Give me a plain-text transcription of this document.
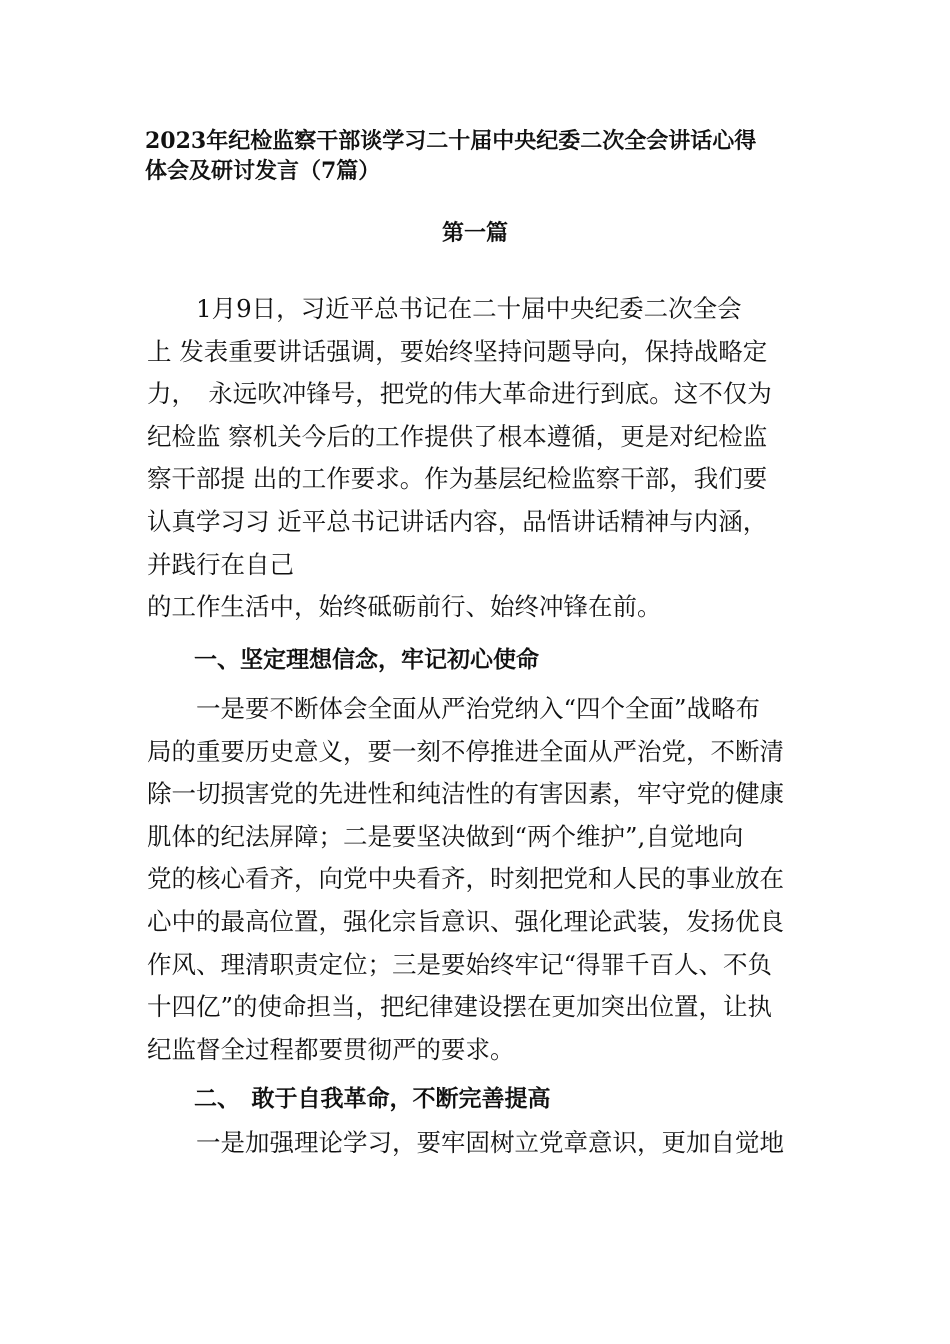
2023年纪检监察干部谈学习二十届中央纪委二次全会讲话心得
体会及研讨发言（7篇）
第一篇
1月9日，习近平总书记在二十届中央纪委二次全会
上 发表重要讲话强调，要始终坚持问题导向，保持战略定
力，　永远吹冲锋号，把党的伟大革命进行到底。这不仅为
纪检监 察机关今后的工作提供了根本遵循，更是对纪检监
察干部提 出的工作要求。作为基层纪检监察干部，我们要
认真学习习 近平总书记讲话内容，品悟讲话精神与内涵，
并践行在自己
的工作生活中，始终砥砺前行、始终冲锋在前。
一、坚定理想信念，牢记初心使命
一是要不断体会全面从严治党纳入“四个全面”战略布
局的重要历史意义，要一刻不停推进全面从严治党，不断清
除一切损害党的先进性和纯洁性的有害因素，牢守党的健康
肌体的纪法屏障；二是要坚决做到“两个维护”,自觉地向
党的核心看齐，向党中央看齐，时刻把党和人民的事业放在
心中的最高位置，强化宗旨意识、强化理论武装，发扬优良
作风、理清职责定位；三是要始终牢记“得罪千百人、不负
十四亿”的使命担当，把纪律建设摆在更加突出位置，让执
纪监督全过程都要贯彻严的要求。
二、　敢于自我革命，不断完善提高
一是加强理论学习，要牢固树立党章意识，更加自觉地
